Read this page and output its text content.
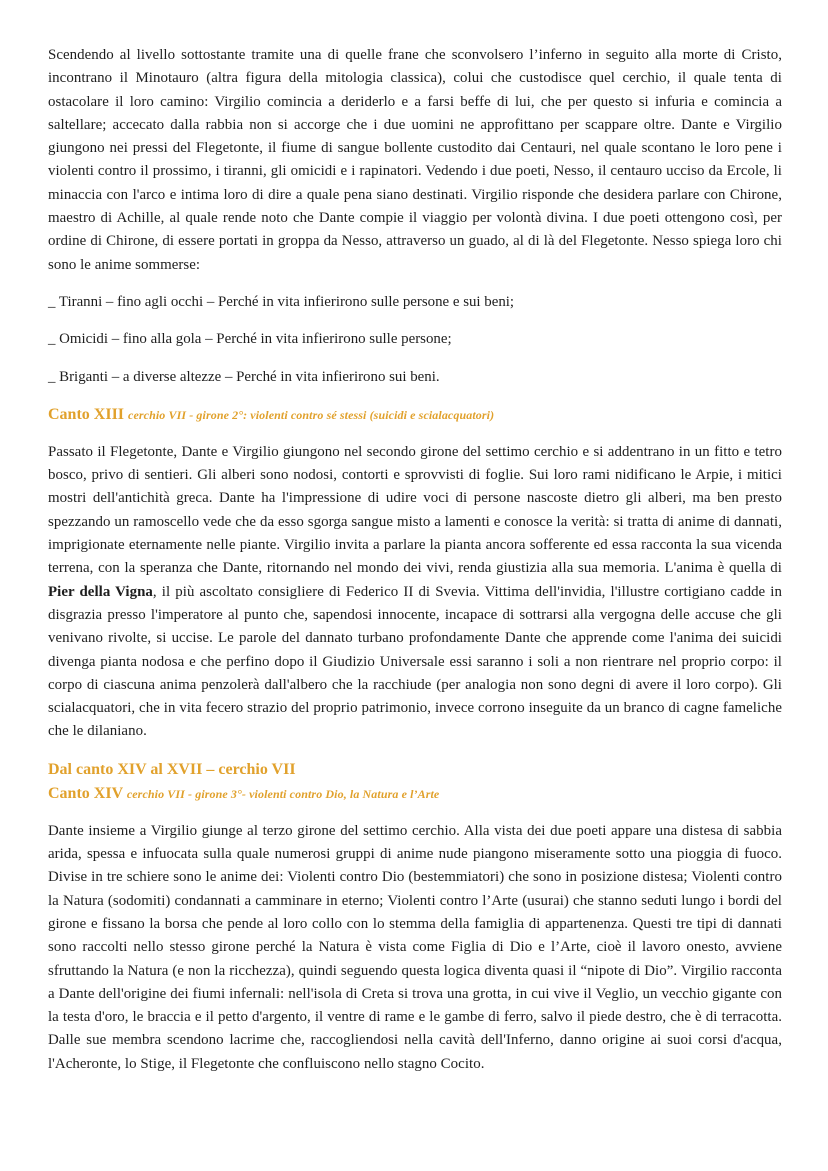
Scendendo al livello sottostante tramite una di quelle frane che sconvolsero l’inferno in seguito alla morte di Cristo, incontrano il Minotauro (altra figura della mitologia classica), colui che custodisce quel cerchio, il quale tenta di ostacolare il loro camino: Virgilio comincia a deriderlo e a farsi beffe di lui, che per questo si infuria e comincia a saltellare; accecato dalla rabbia non si accorge che i due uomini ne approfittano per scappare oltre. Dante e Virgilio giungono nei pressi del Flegetonte, il fiume di sangue bollente custodito dai Centauri, nel quale scontano le loro pene i violenti contro il prossimo, i tiranni, gli omicidi e i rapinatori. Vedendo i due poeti, Nesso, il centauro ucciso da Ercole, li minaccia con l'arco e intima loro di dire a quale pena siano destinati. Virgilio risponde che desidera parlare con Chirone, maestro di Achille, al quale rende noto che Dante compie il viaggio per volontà divina. I due poeti ottengono così, per ordine di Chirone, di essere portati in groppa da Nesso, attraverso un guado, al di là del Flegetonte. Nesso spiega loro chi sono le anime sommerse:

_ Tiranni – fino agli occhi – Perché in vita infierirono sulle persone e sui beni;

_ Omicidi – fino alla gola – Perché in vita infierirono sulle persone;

_ Briganti – a diverse altezze – Perché in vita infierirono sui beni.

Canto XIII cerchio VII - girone 2°: violenti contro sé stessi (suicidi e scialacquatori)

Passato il Flegetonte, Dante e Virgilio giungono nel secondo girone del settimo cerchio e si addentrano in un fitto e tetro bosco, privo di sentieri. Gli alberi sono nodosi, contorti e sprovvisti di foglie. Sui loro rami nidificano le Arpie, i mitici mostri dell'antichità greca. Dante ha l'impressione di udire voci di persone nascoste dietro gli alberi, ma ben presto spezzando un ramoscello vede che da esso sgorga sangue misto a lamenti e conosce la verità: si tratta di anime di dannati, imprigionate eternamente nelle piante. Virgilio invita a parlare la pianta ancora sofferente ed essa racconta la sua vicenda terrena, con la speranza che Dante, ritornando nel mondo dei vivi, renda giustizia alla sua memoria. L'anima è quella di Pier della Vigna, il più ascoltato consigliere di Federico II di Svevia. Vittima dell'invidia, l'illustre cortigiano cadde in disgrazia presso l'imperatore al punto che, sapendosi innocente, incapace di sottrarsi alla vergogna delle accuse che gli venivano rivolte, si uccise. Le parole del dannato turbano profondamente Dante che apprende come l'anima dei suicidi divenga pianta nodosa e che perfino dopo il Giudizio Universale essi saranno i soli a non rientrare nel proprio corpo: il corpo di ciascuna anima penzolerà dall'albero che la racchiude (per analogia non sono degni di avere il loro corpo). Gli scialacquatori, che in vita fecero strazio del proprio patrimonio, invece corrono inseguite da un branco di cagne fameliche che le dilaniano.

Dal canto XIV al XVII – cerchio VII

Canto XIV cerchio VII - girone 3°- violenti contro Dio, la Natura e l’Arte

Dante insieme a Virgilio giunge al terzo girone del settimo cerchio. Alla vista dei due poeti appare una distesa di sabbia arida, spessa e infuocata sulla quale numerosi gruppi di anime nude piangono miseramente sotto una pioggia di fuoco. Divise in tre schiere sono le anime dei: Violenti contro Dio (bestemmiatori) che sono in posizione distesa; Violenti contro la Natura (sodomiti) condannati a camminare in eterno; Violenti contro l’Arte (usurai) che stanno seduti lungo i bordi del girone e fissano la borsa che pende al loro collo con lo stemma della famiglia di appartenenza. Questi tre tipi di dannati sono raccolti nello stesso girone perché la Natura è vista come Figlia di Dio e l’Arte, cioè il lavoro onesto, avviene sfruttando la Natura (e non la ricchezza), quindi seguendo questa logica diventa quasi il “nipote di Dio”. Virgilio racconta a Dante dell'origine dei fiumi infernali: nell'isola di Creta si trova una grotta, in cui vive il Veglio, un vecchio gigante con la testa d'oro, le braccia e il petto d'argento, il ventre di rame e le gambe di ferro, salvo il piede destro, che è di terracotta. Dalle sue membra scendono lacrime che, raccogliendosi nella cavità dell'Inferno, danno origine ai suoi corsi d'acqua, l'Acheronte, lo Stige, il Flegetonte che confluiscono nello stagno Cocito.
